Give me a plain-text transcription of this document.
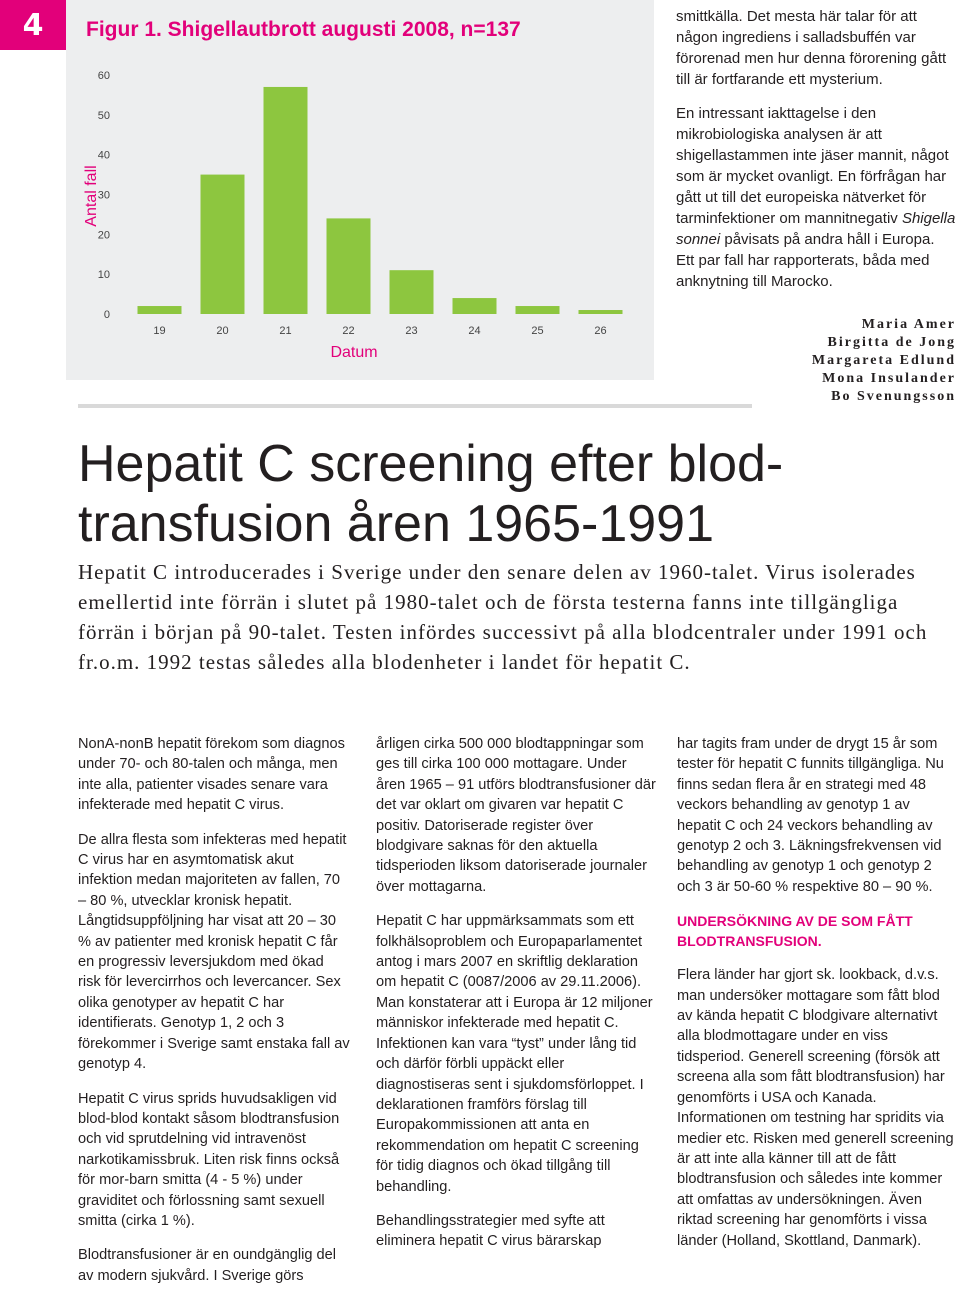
4	Figur 1. Shigellautbrott augusti 2008, n=137
0
10
20
30
40
50
60
19	20	21	22	23	24	25	26
Datum
Antal fall

smittkälla. Det mesta här talar för att någon ingrediens i salladsbuffén var förorenad men hur denna förorening gått till är fortfarande ett mysterium.

En intressant iakttagelse i den mikrobiologiska analysen är att shigellastammen inte jäser mannit, något som är mycket ovanligt. En förfrågan har gått ut till det europeiska nätverket för tarminfektioner om mannitnegativ Shigella sonnei påvisats på andra håll i Europa. Ett par fall har rapporterats, båda med anknytning till Marocko.

Maria Amer
Birgitta de Jong
Margareta Edlund
Mona Insulander
Bo Svenungsson
Hepatit C screening efter blod-
transfusion åren 1965-1991

Hepatit C introducerades i Sverige under den senare delen av 1960-talet. Virus isolerades emellertid inte förrän i slutet på 1980-talet och de första testerna fanns inte tillgängliga förrän i början på 90-talet. Testen infördes successivt på alla blodcentraler under 1991 och fr.o.m. 1992 testas således alla blodenheter i landet för hepatit C.

NonA-nonB hepatit förekom som diagnos under 70- och 80-talen och många, men inte alla, patienter visades senare vara infekterade med hepatit C virus.

De allra flesta som infekteras med hepatit C virus har en asymtomatisk akut infektion medan majoriteten av fallen, 70 – 80 %, utvecklar kronisk hepatit. Långtidsuppföljning har visat att 20 – 30 % av patienter med kronisk hepatit C får en progressiv leversjukdom med ökad risk för levercirrhos och levercancer. Sex olika genotyper av hepatit C har identifierats. Genotyp 1, 2 och 3 förekommer i Sverige samt enstaka fall av genotyp 4.

Hepatit C virus sprids huvudsakligen vid blod-blod kontakt såsom blodtransfusion och vid sprutdelning vid intravenöst narkotikamissbruk. Liten risk finns också för mor-barn smitta (4 - 5 %) under graviditet och förlossning samt sexuell smitta (cirka 1 %).

Blodtransfusioner är en oundgänglig del av modern sjukvård. I Sverige görs

årligen cirka 500 000 blodtappningar som ges till cirka 100 000 mottagare. Under åren 1965 – 91 utförs blodtransfusioner där det var oklart om givaren var hepatit C positiv. Datoriserade register över blodgivare saknas för den aktuella tidsperioden liksom datoriserade journaler över mottagarna.

Hepatit C har uppmärksammats som ett folkhälsoproblem och Europaparlamentet antog i mars 2007 en skriftlig deklaration om hepatit C (0087/2006 av 29.11.2006). Man konstaterar att i Europa är 12 miljoner människor infekterade med hepatit C. Infektionen kan vara “tyst” under lång tid och därför förbli uppäckt eller diagnostiseras sent i sjukdomsförloppet. I deklarationen framförs förslag till Europakommissionen att anta en rekommendation om hepatit C screening för tidig diagnos och ökad tillgång till behandling.

Behandlingsstrategier med syfte att eliminera hepatit C virus bärarskap

har tagits fram under de drygt 15 år som tester för hepatit C funnits tillgängliga. Nu finns sedan flera år en strategi med 48 veckors behandling av genotyp 1 av hepatit C och 24 veckors behandling av genotyp 2 och 3. Läkningsfrekvensen vid behandling av genotyp 1 och genotyp 2 och 3 är 50-60 % respektive 80 – 90 %.

UNDERSÖKNING AV DE SOM FÅTT BLODTRANSFUSION.

Flera länder har gjort sk. lookback, d.v.s. man undersöker mottagare som fått blod av kända hepatit C blodgivare alternativt alla blodmottagare under en viss tidsperiod. Generell screening (försök att screena alla som fått blodtransfusion) har genomförts i USA och Kanada. Informationen om testning har spridits via medier etc. Risken med generell screening är att inte alla känner till att de fått blodtransfusion och således inte kommer att omfattas av undersökningen. Även riktad screening har genomförts i vissa länder (Holland, Skottland, Danmark).
